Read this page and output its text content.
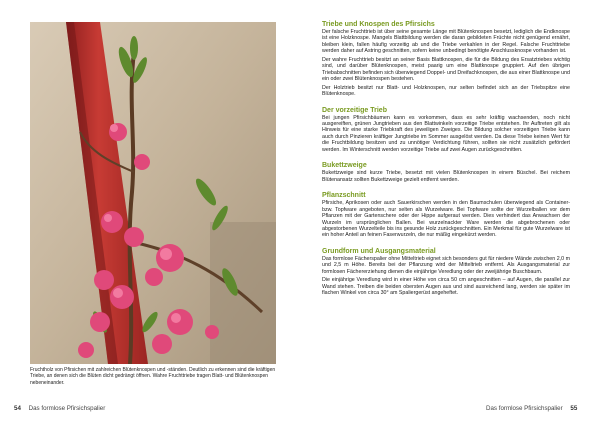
Fruchtholz von Pfirsichen mit zahlreichen Blütenknospen und -ständen. Deutlich zu erkennen sind die kräftigen Triebe, an denen sich die Blüten dicht gedrängt öffnen. Wahre Fruchttriebe tragen Blatt- und Blütenknospen nebeneinander.
54 Das formlose Pfirsichspalier
Triebe und Knospen des Pfirsichs

Der falsche Fruchttrieb ist über seine gesamte Länge mit Blütenknospen besetzt, lediglich die Endknospe ist eine Holzknospe. Mangels Blattbildung werden die daran gebildeten Früchte nicht genügend ernährt, bleiben klein, fallen häufig vorzeitig ab und die Triebe verkahlen in der Regel. Falsche Fruchttriebe werden daher auf Astring geschnitten, sofern keine unbedingt benötigte Anschlussknospe vorhanden ist.

Der wahre Fruchttrieb besitzt an seiner Basis Blattknospen, die für die Bildung des Ersatztriebes wichtig sind, und darüber Blütenknospen, meist paarig um eine Blattknospe gruppiert. Auf den übrigen Triebabschnitten befinden sich überwiegend Doppel- und Dreifachknospen, die aus einer Blattknospe und ein oder zwei Blütenknospen bestehen.

Der Holztrieb besitzt nur Blatt- und Holzknospen, nur selten befindet sich an der Triebspitze eine Blütenknospe.

Der vorzeitige Trieb

Bei jungen Pfirsichbäumen kann es vorkommen, dass es sehr kräftig wachsenden, noch nicht ausgereiften, grünen Jungtrieben aus den Blattwinkeln vorzeitige Triebe entstehen. Ihr Auftreten gilt als Hinweis für eine starke Triebkraft des jeweiligen Zweiges. Die Bildung solcher vorzeitigen Triebe kann auch durch Pinzieren kräftiger Jungtriebe im Sommer ausgelöst werden. Da diese Triebe keinen Wert für die Fruchtbildung besitzen und zu unnötiger Verdichtung führen, sollten sie nicht zusätzlich gefördert werden. Im Winterschnitt werden vorzeitige Triebe auf zwei Augen zurückgeschnitten.

Bukettzweige

Bukettzweige sind kurze Triebe, besetzt mit vielen Blütenknospen in einem Büschel. Bei reichem Blütenansatz sollten Bukettzweige gezielt entfernt werden.

Pflanzschnitt

Pfirsiche, Aprikosen oder auch Sauerkirschen werden in den Baumschulen überwiegend als Container- bzw. Topfware angeboten, nur selten als Wurzelware. Bei Topfware sollte der Wurzelballen vor dem Pflanzen mit der Gartenschere oder der Hippe aufgeraut werden. Dies verhindert das Anwachsen der Wurzeln im ursprünglichen Ballen. Bei wurzelnackter Ware werden die abgebrochenen oder abgestorbenen Wurzelteile bis ins gesunde Holz zurückgeschnitten. Ein Merkmal für gute Wurzelware ist ein hoher Anteil an feinen Faserwurzeln, die nur mäßig eingekürzt werden.

Grundform und Ausgangsmaterial

Das formlose Fächerspalier ohne Mitteltrieb eignet sich besonders gut für niedere Wände zwischen 2,0 m und 2,5 m Höhe. Bereits bei der Pflanzung wird der Mitteltrieb entfernt. Als Ausgangsmaterial zur formlosen Fächererziehung dienen die einjährige Veredlung oder der zweijährige Buschbaum.

Die einjährige Veredlung wird in einer Höhe von circa 50 cm angeschnitten – auf Augen, die parallel zur Wand stehen. Treiben die beiden obersten Augen aus und sind ausreichend lang, werden sie später im flachen Winkel von circa 30° am Spaliergerüst angeheftet.

Das formlose Pfirsichspalier 55
